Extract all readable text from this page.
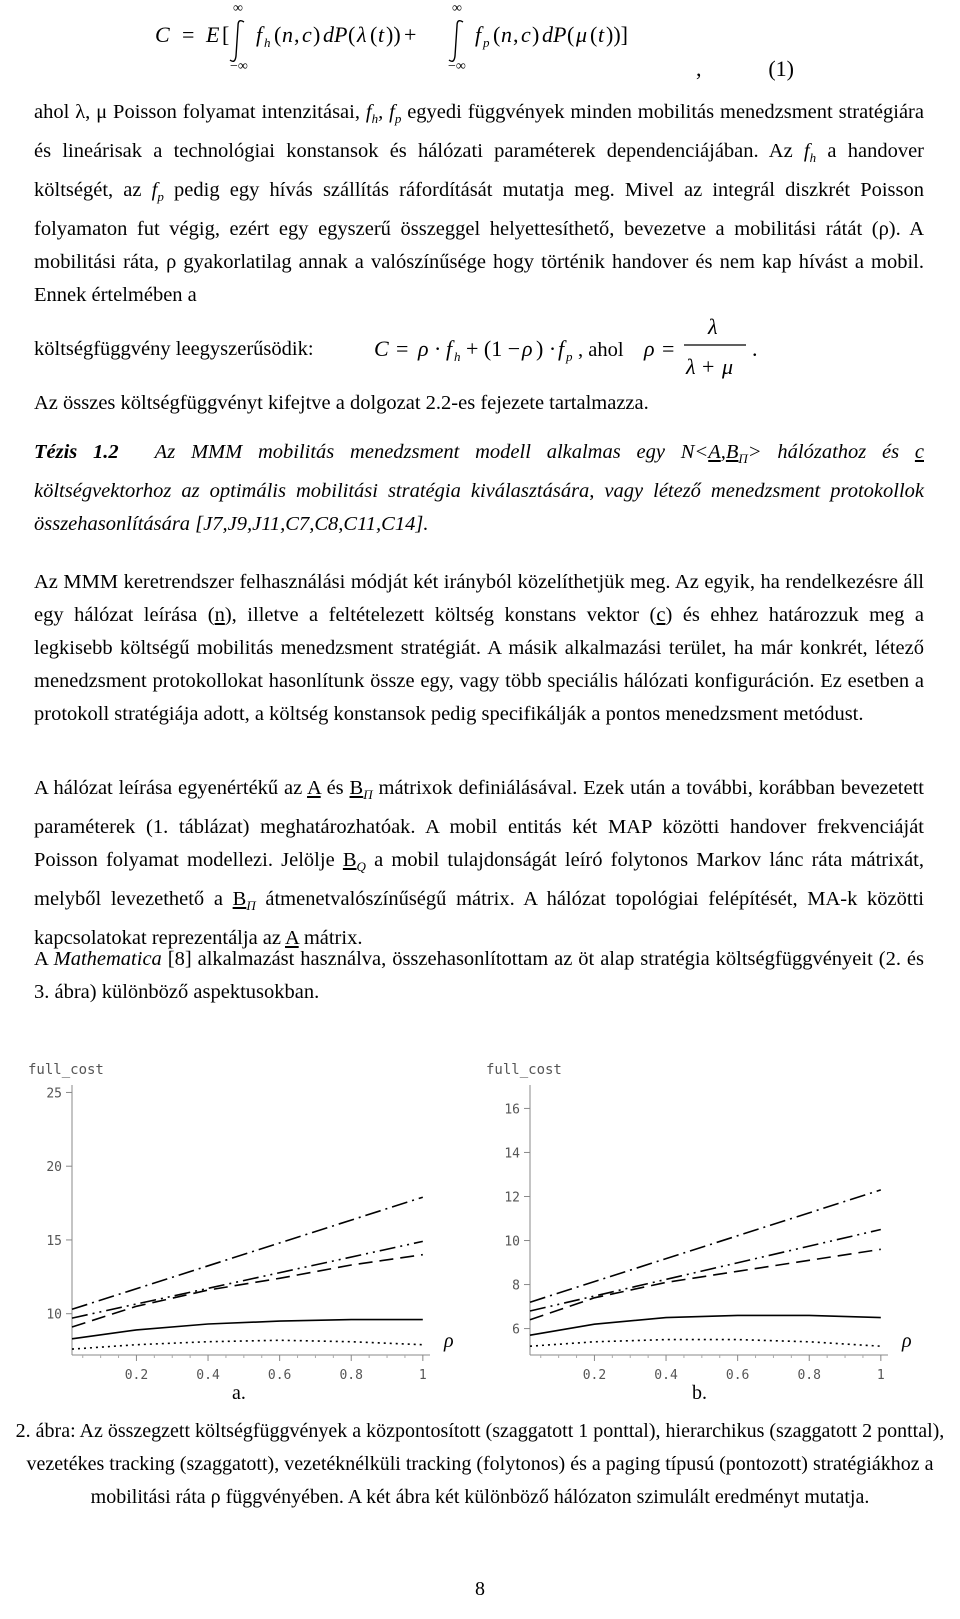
C = E [
∞
−∞
f h ( n , c ) dP ( λ ( t )) +
∞
−∞
f p ( n , c ) dP ( μ ( t ))]
,	(1)

ahol λ, μ Poisson folyamat intenzitásai, $f_h$, $f_p$ egyedi függvények minden mobilitás menedzsment stratégiára és lineárisak a technológiai konstansok és hálózati paraméterek dependenciájában. Az $f_h$ a handover költségét, az $f_p$ pedig egy hívás szállítás ráfordítását mutatja meg. Mivel az integrál diszkrét Poisson folyamaton fut végig, ezért egy egyszerű összeggel helyettesíthető, bevezetve a mobilitási rátát (ρ). A mobilitási ráta, ρ gyakorlatilag annak a valószínűsége hogy történik handover és nem kap hívást a mobil. Ennek értelmében a

költségfüggvény leegyszerűsödik:	C = ρ · f h + (1 − ρ ) · f p , ahol ρ =
λ
λ + μ
.

Az összes költségfüggvényt kifejtve a dolgozat 2.2-es fejezete tartalmazza.

Tézis 1.2 Az MMM mobilitás menedzsment modell alkalmas egy $N<A,B_\Pi>$ hálózathoz és c költségvektorhoz az optimális mobilitási stratégia kiválasztására, vagy létező menedzsment protokollok összehasonlítására [J7,J9,J11,C7,C8,C11,C14].

Az MMM keretrendszer felhasználási módját két irányból közelíthetjük meg. Az egyik, ha rendelkezésre áll egy hálózat leírása (n), illetve a feltételezett költség konstans vektor (c) és ehhez határozzuk meg a legkisebb költségű mobilitás menedzsment stratégiát. A másik alkalmazási terület, ha már konkrét, létező menedzsment protokollokat hasonlítunk össze egy, vagy több speciális hálózati konfiguráción. Ez esetben a protokoll stratégiája adott, a költség konstansok pedig specifikálják a pontos menedzsment metódust.

A hálózat leírása egyenértékű az A és $B_\Pi$ mátrixok definiálásával. Ezek után a további, korábban bevezetett paraméterek (1. táblázat) meghatározhatóak. A mobil entitás két MAP közötti handover frekvenciáját Poisson folyamat modellezi. Jelölje $B_Q$ a mobil tulajdonságát leíró folytonos Markov lánc ráta mátrixát, melyből levezethető a $B_\Pi$ átmenetvalószínűségű mátrix. A hálózat topológiai felépítését, MA-k közötti kapcsolatokat reprezentálja az A mátrix.

A Mathematica [8] alkalmazást használva, összehasonlítottam az öt alap stratégia költségfüggvényeit (2. és 3. ábra) különböző aspektusokban.

full_cost
ρ
0.2	0.4	0.6	0.8	1
10
15
20
25
full_cost
ρ
0.2	0.4	0.6	0.8	1
6
8
10
12
14
16
a.	b.

2. ábra: Az összegzett költségfüggvények a központosított (szaggatott 1 ponttal), hierarchikus (szaggatott 2 ponttal), vezetékes tracking (szaggatott), vezetéknélküli tracking (folytonos) és a paging típusú (pontozott) stratégiákhoz a mobilitási ráta ρ függvényében. A két ábra két különböző hálózaton szimulált eredményt mutatja.

8
